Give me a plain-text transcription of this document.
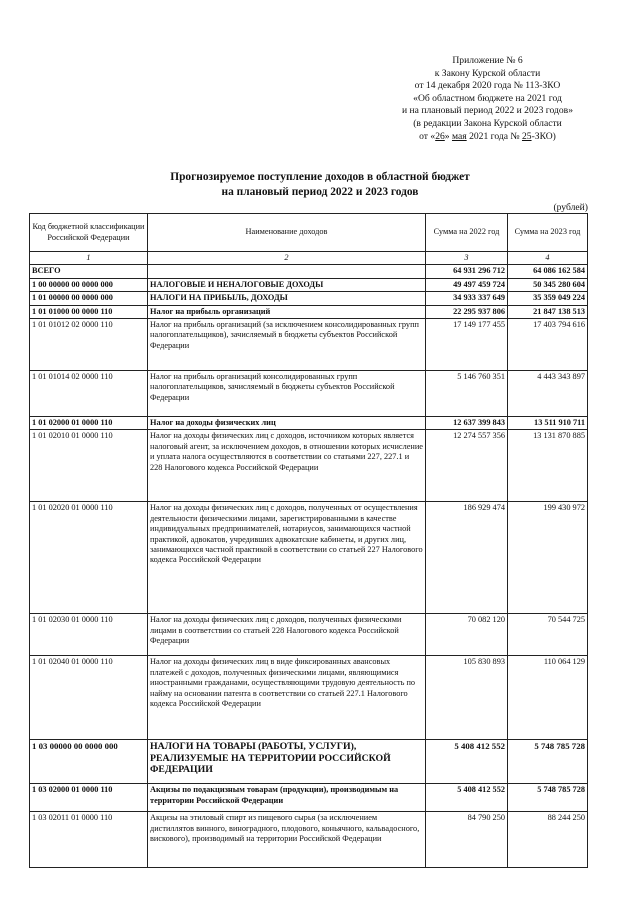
Приложение № 6
к Закону Курской области
от 14 декабря 2020 года № 113-ЗКО
«Об областном бюджете на 2021 год
и на плановый период 2022 и 2023 годов»
(в редакции Закона Курской области
от «26» мая 2021 года № 25-ЗКО)
Прогнозируемое поступление доходов в областной бюджет
на плановый период 2022 и 2023 годов
(рублей)
Код бюджетной классификации Российской Федерации	Наименование доходов	Сумма на 2022 год	Сумма на 2023 год
1	2	3	4
ВСЕГО		64 931 296 712	64 086 162 584
1 00 00000 00 0000 000	НАЛОГОВЫЕ И НЕНАЛОГОВЫЕ ДОХОДЫ	49 497 459 724	50 345 280 604
1 01 00000 00 0000 000	НАЛОГИ НА ПРИБЫЛЬ, ДОХОДЫ	34 933 337 649	35 359 049 224
1 01 01000 00 0000 110	Налог на прибыль организаций	22 295 937 806	21 847 138 513
1 01 01012 02 0000 110	Налог на прибыль организаций (за исключением консолидированных групп налогоплательщиков), зачисляемый в бюджеты субъектов Российской Федерации	17 149 177 455	17 403 794 616
1 01 01014 02 0000 110	Налог на прибыль организаций консолидированных групп налогоплательщиков, зачисляемый в бюджеты субъектов Российской Федерации	5 146 760 351	4 443 343 897
1 01 02000 01 0000 110	Налог на доходы физических лиц	12 637 399 843	13 511 910 711
1 01 02010 01 0000 110	Налог на доходы физических лиц с доходов, источником которых является налоговый агент, за исключением доходов, в отношении которых исчисление и уплата налога осуществляются в соответствии со статьями 227, 227.1 и 228 Налогового кодекса Российской Федерации	12 274 557 356	13 131 870 885
1 01 02020 01 0000 110	Налог на доходы физических лиц с доходов, полученных от осуществления деятельности физическими лицами, зарегистрированными в качестве индивидуальных предпринимателей, нотариусов, занимающихся частной практикой, адвокатов, учредивших адвокатские кабинеты, и других лиц, занимающихся частной практикой в соответствии со статьей 227 Налогового кодекса Российской Федерации	186 929 474	199 430 972
1 01 02030 01 0000 110	Налог на доходы физических лиц с доходов, полученных физическими лицами в соответствии со статьей 228 Налогового кодекса Российской Федерации	70 082 120	70 544 725
1 01 02040 01 0000 110	Налог на доходы физических лиц в виде фиксированных авансовых платежей с доходов, полученных физическими лицами, являющимися иностранными гражданами, осуществляющими трудовую деятельность по найму на основании патента в соответствии со статьей 227.1 Налогового кодекса Российской Федерации	105 830 893	110 064 129
1 03 00000 00 0000 000	НАЛОГИ НА ТОВАРЫ (РАБОТЫ, УСЛУГИ), РЕАЛИЗУЕМЫЕ НА ТЕРРИТОРИИ РОССИЙСКОЙ ФЕДЕРАЦИИ	5 408 412 552	5 748 785 728
1 03 02000 01 0000 110	Акцизы по подакцизным товарам (продукции), производимым на территории Российской Федерации	5 408 412 552	5 748 785 728
1 03 02011 01 0000 110	Акцизы на этиловый спирт из пищевого сырья (за исключением дистиллятов винного, виноградного, плодового, коньячного, кальвадосного, вискового), производимый на территории Российской Федерации	84 790 250	88 244 250
